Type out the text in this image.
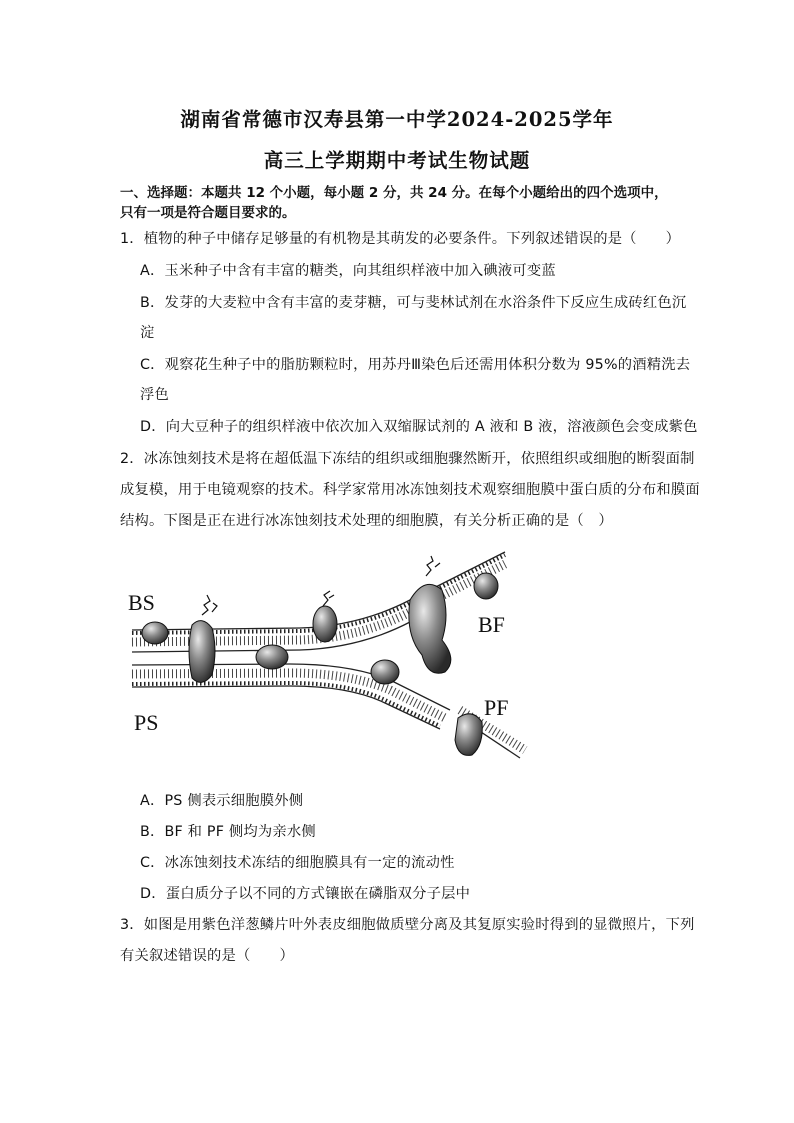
湖南省常德市汉寿县第一中学2024-2025学年
高三上学期期中考试生物试题
一、选择题：本题共 12 个小题，每小题 2 分，共 24 分。在每个小题给出的四个选项中，
只有一项是符合题目要求的。
1．植物的种子中储存足够量的有机物是其萌发的必要条件。下列叙述错误的是（　　）
A．玉米种子中含有丰富的糖类，向其组织样液中加入碘液可变蓝
B．发芽的大麦粒中含有丰富的麦芽糖，可与斐林试剂在水浴条件下反应生成砖红色沉
淀
C．观察花生种子中的脂肪颗粒时，用苏丹Ⅲ染色后还需用体积分数为 95%的酒精洗去
浮色
D．向大豆种子的组织样液中依次加入双缩脲试剂的 A 液和 B 液，溶液颜色会变成紫色
2．冰冻蚀刻技术是将在超低温下冻结的组织或细胞骤然断开，依照组织或细胞的断裂面制
成复模，用于电镜观察的技术。科学家常用冰冻蚀刻技术观察细胞膜中蛋白质的分布和膜面
结构。下图是正在进行冰冻蚀刻技术处理的细胞膜，有关分析正确的是（　）
BS
BF
PS
PF
A．PS 侧表示细胞膜外侧
B．BF 和 PF 侧均为亲水侧
C．冰冻蚀刻技术冻结的细胞膜具有一定的流动性
D．蛋白质分子以不同的方式镶嵌在磷脂双分子层中
3．如图是用紫色洋葱鳞片叶外表皮细胞做质壁分离及其复原实验时得到的显微照片，下列
有关叙述错误的是（　　）
